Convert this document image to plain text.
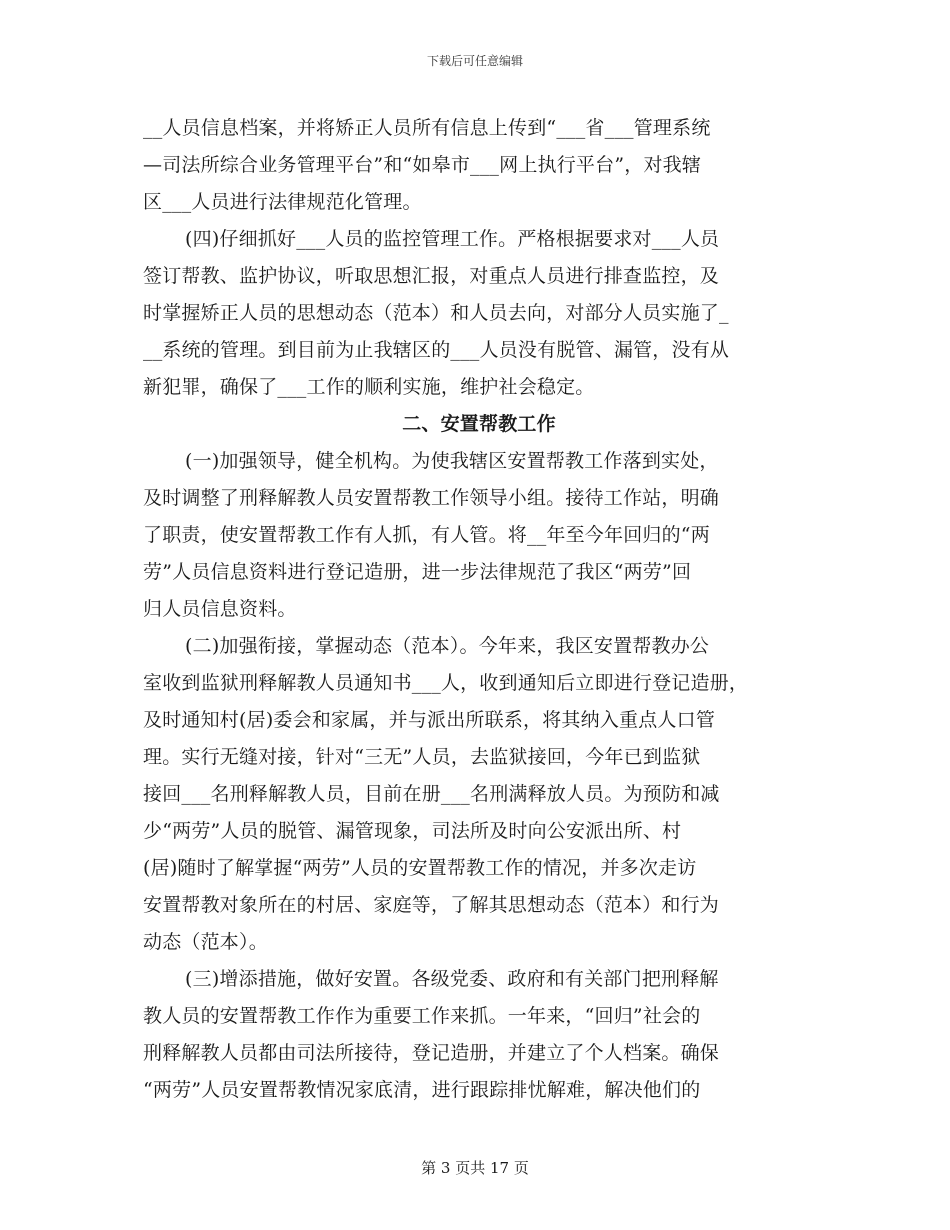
下载后可任意编辑
__人员信息档案，并将矫正人员所有信息上传到“___省___管理系统
—司法所综合业务管理平台”和“如皋市___网上执行平台”，对我辖
区___人员进行法律规范化管理。
(四)仔细抓好___人员的监控管理工作。严格根据要求对___人员
签订帮教、监护协议，听取思想汇报，对重点人员进行排查监控，及
时掌握矫正人员的思想动态（范本）和人员去向，对部分人员实施了_
__系统的管理。到目前为止我辖区的___人员没有脱管、漏管，没有从
新犯罪，确保了___工作的顺利实施，维护社会稳定。
二、安置帮教工作
(一)加强领导，健全机构。为使我辖区安置帮教工作落到实处，
及时调整了刑释解教人员安置帮教工作领导小组。接待工作站，明确
了职责，使安置帮教工作有人抓，有人管。将__年至今年回归的“两
劳”人员信息资料进行登记造册，进一步法律规范了我区“两劳”回
归人员信息资料。
(二)加强衔接，掌握动态（范本）。今年来，我区安置帮教办公
室收到监狱刑释解教人员通知书___人，收到通知后立即进行登记造册，
及时通知村(居)委会和家属，并与派出所联系，将其纳入重点人口管
理。实行无缝对接，针对“三无”人员，去监狱接回，今年已到监狱
接回___名刑释解教人员，目前在册___名刑满释放人员。为预防和减
少“两劳”人员的脱管、漏管现象，司法所及时向公安派出所、村
(居)随时了解掌握“两劳”人员的安置帮教工作的情况，并多次走访
安置帮教对象所在的村居、家庭等，了解其思想动态（范本）和行为
动态（范本）。
(三)增添措施，做好安置。各级党委、政府和有关部门把刑释解
教人员的安置帮教工作作为重要工作来抓。一年来，“回归”社会的
刑释解教人员都由司法所接待，登记造册，并建立了个人档案。确保
“两劳”人员安置帮教情况家底清，进行跟踪排忧解难，解决他们的
第 3 页共 17 页
